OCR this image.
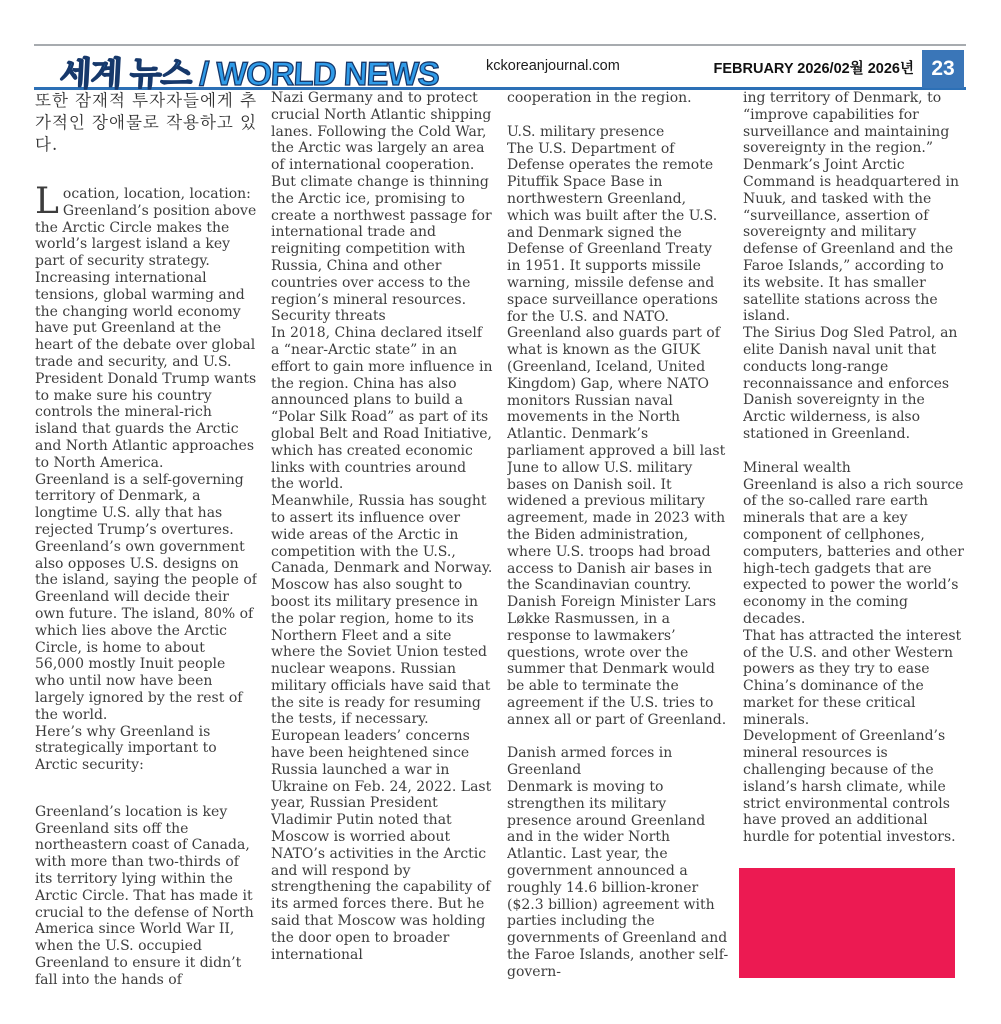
세계 뉴스 / WORLD NEWS	kckoreanjournal.com	FEBRUARY 2026/02월 2026년 23

또한 잠재적 투자자들에게 추가적인 장애물로 작용하고 있다.

Location, location, location: Greenland’s position above the Arctic Circle makes the world’s largest island a key part of security strategy. Increasing international tensions, global warming and the changing world economy have put Greenland at the heart of the debate over global trade and security, and U.S. President Donald Trump wants to make sure his country controls the mineral-rich island that guards the Arctic and North Atlantic approaches to North America.

Greenland is a self-governing territory of Denmark, a longtime U.S. ally that has rejected Trump’s overtures.

Greenland’s own government also opposes U.S. designs on the island, saying the people of Greenland will decide their own future. The island, 80% of which lies above the Arctic Circle, is home to about 56,000 mostly Inuit people who until now have been largely ignored by the rest of the world.

Here’s why Greenland is strategically important to Arctic security:

Greenland’s location is key

Greenland sits off the northeastern coast of Canada, with more than two-thirds of its territory lying within the Arctic Circle. That has made it crucial to the defense of North America since World War II, when the U.S. occupied Greenland to ensure it didn’t fall into the hands of

Nazi Germany and to protect crucial North Atlantic shipping lanes. Following the Cold War, the Arctic was largely an area of international cooperation. But climate change is thinning the Arctic ice, promising to create a northwest passage for international trade and reigniting competition with Russia, China and other countries over access to the region’s mineral resources.

Security threats

In 2018, China declared itself a “near-Arctic state” in an effort to gain more influence in the region. China has also announced plans to build a “Polar Silk Road” as part of its global Belt and Road Initiative, which has created economic links with countries around the world.

Meanwhile, Russia has sought to assert its influence over wide areas of the Arctic in competition with the U.S., Canada, Denmark and Norway. Moscow has also sought to boost its military presence in the polar region, home to its Northern Fleet and a site where the Soviet Union tested nuclear weapons. Russian military officials have said that the site is ready for resuming the tests, if necessary.

European leaders’ concerns have been heightened since Russia launched a war in Ukraine on Feb. 24, 2022. Last year, Russian President Vladimir Putin noted that Moscow is worried about NATO’s activities in the Arctic and will respond by strengthening the capability of its armed forces there. But he said that Moscow was holding the door open to broader international

cooperation in the region.

U.S. military presence

The U.S. Department of Defense operates the remote Pituffik Space Base in northwestern Greenland, which was built after the U.S. and Denmark signed the Defense of Greenland Treaty in 1951. It supports missile warning, missile defense and space surveillance operations for the U.S. and NATO.

Greenland also guards part of what is known as the GIUK (Greenland, Iceland, United Kingdom) Gap, where NATO monitors Russian naval movements in the North Atlantic. Denmark’s parliament approved a bill last June to allow U.S. military bases on Danish soil. It widened a previous military agreement, made in 2023 with the Biden administration, where U.S. troops had broad access to Danish air bases in the Scandinavian country.

Danish Foreign Minister Lars Løkke Rasmussen, in a response to lawmakers’ questions, wrote over the summer that Denmark would be able to terminate the agreement if the U.S. tries to annex all or part of Greenland.

Danish armed forces in Greenland

Denmark is moving to strengthen its military presence around Greenland and in the wider North Atlantic. Last year, the government announced a roughly 14.6 billion-kroner ($2.3 billion) agreement with parties including the governments of Greenland and the Faroe Islands, another self-govern-

ing territory of Denmark, to “improve capabilities for surveillance and maintaining sovereignty in the region.”

Denmark’s Joint Arctic Command is headquartered in Nuuk, and tasked with the “surveillance, assertion of sovereignty and military defense of Greenland and the Faroe Islands,” according to its website. It has smaller satellite stations across the island.

The Sirius Dog Sled Patrol, an elite Danish naval unit that conducts long-range reconnaissance and enforces Danish sovereignty in the Arctic wilderness, is also stationed in Greenland.

Mineral wealth

Greenland is also a rich source of the so-called rare earth minerals that are a key component of cellphones, computers, batteries and other high-tech gadgets that are expected to power the world’s economy in the coming decades.

That has attracted the interest of the U.S. and other Western powers as they try to ease China’s dominance of the market for these critical minerals.

Development of Greenland’s mineral resources is challenging because of the island’s harsh climate, while strict environmental controls have proved an additional hurdle for potential investors.
